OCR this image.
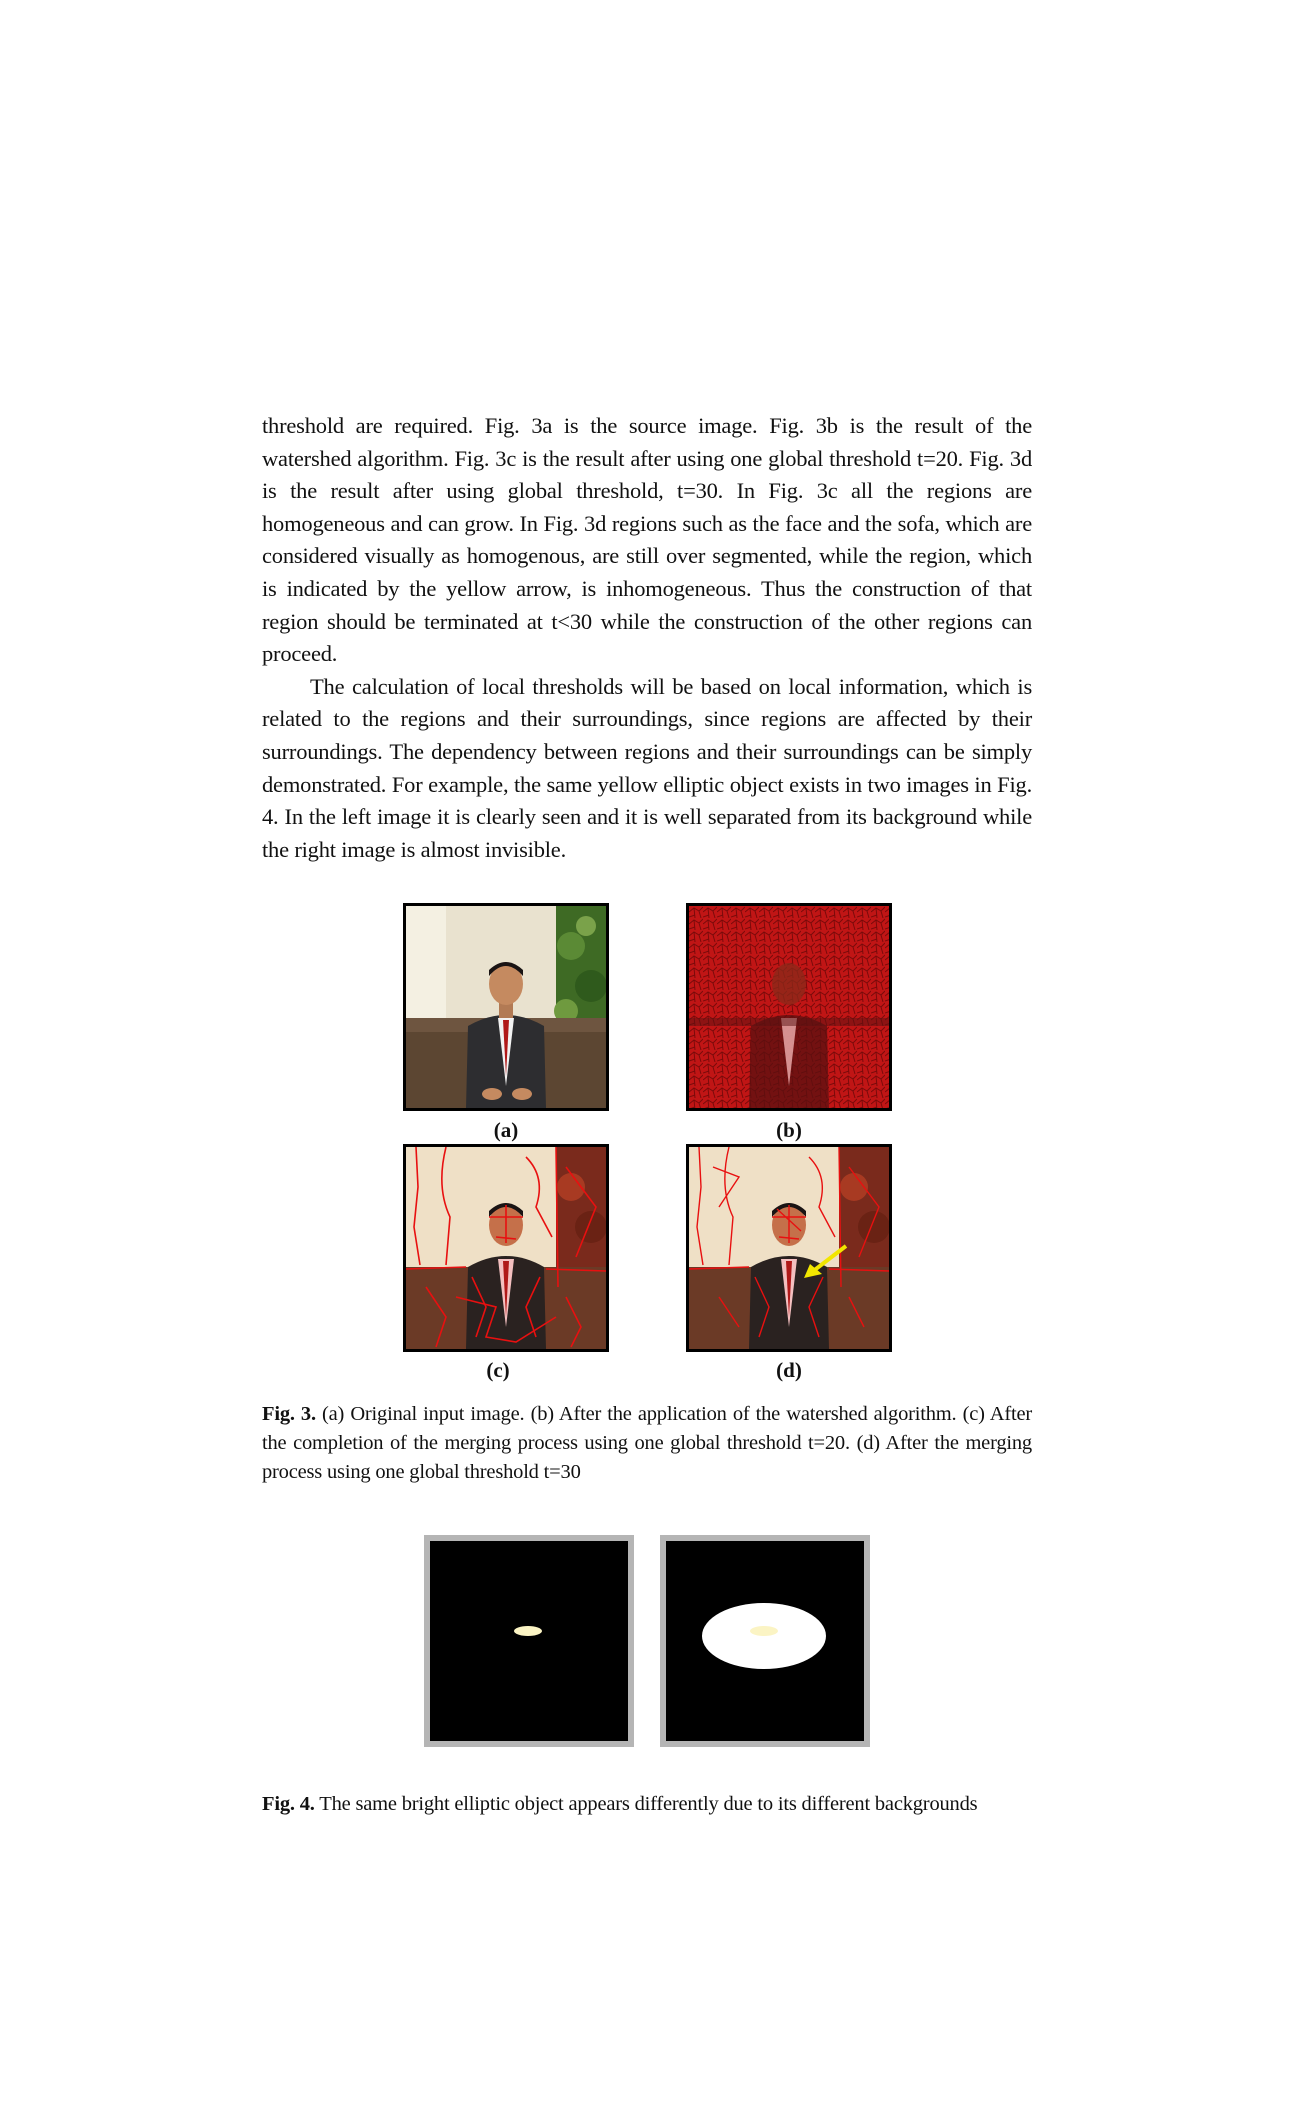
threshold are required. Fig. 3a is the source image. Fig. 3b is the result of the watershed algorithm. Fig. 3c is the result after using one global threshold t=20. Fig. 3d is the result after using global threshold, t=30. In Fig. 3c all the regions are homogeneous and can grow. In Fig. 3d regions such as the face and the sofa, which are considered visually as homogenous, are still over segmented, while the region, which is indicated by the yellow arrow, is inhomogeneous. Thus the construction of that region should be terminated at t<30 while the construction of the other regions can proceed.

The calculation of local thresholds will be based on local information, which is related to the regions and their surroundings, since regions are affected by their surroundings. The dependency between regions and their surroundings can be simply demonstrated. For example, the same yellow elliptic object exists in two images in Fig. 4. In the left image it is clearly seen and it is well separated from its background while the right image is almost invisible.

(a)	(b)
(c)	(d)
Fig. 3. (a) Original input image. (b) After the application of the watershed algorithm. (c) After the completion of the merging process using one global threshold t=20. (d) After the merging process using one global threshold t=30
Fig. 4. The same bright elliptic object appears differently due to its different backgrounds
